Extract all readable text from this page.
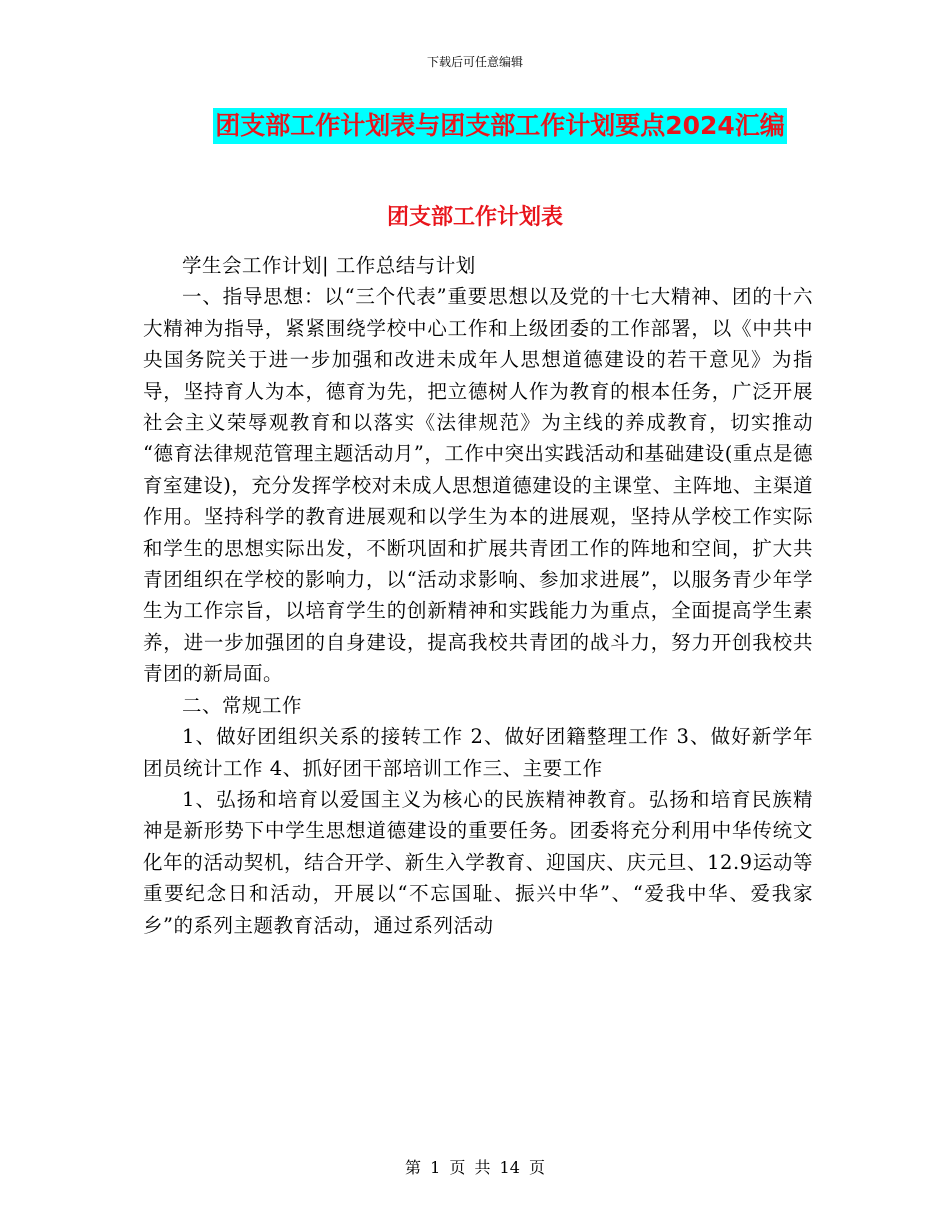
下载后可任意编辑
团支部工作计划表与团支部工作计划要点2024汇编
团支部工作计划表

学生会工作计划| 工作总结与计划

一、指导思想：以“三个代表”重要思想以及党的十七大精神、团的十六大精神为指导，紧紧围绕学校中心工作和上级团委的工作部署，以《中共中央国务院关于进一步加强和改进未成年人思想道德建设的若干意见》为指导，坚持育人为本，德育为先，把立德树人作为教育的根本任务，广泛开展社会主义荣辱观教育和以落实《法律规范》为主线的养成教育，切实推动 “德育法律规范管理主题活动月”，工作中突出实践活动和基础建设(重点是德育室建设)，充分发挥学校对未成人思想道德建设的主课堂、主阵地、主渠道作用。坚持科学的教育进展观和以学生为本的进展观，坚持从学校工作实际和学生的思想实际出发，不断巩固和扩展共青团工作的阵地和空间，扩大共青团组织在学校的影响力，以“活动求影响、参加求进展”，以服务青少年学生为工作宗旨，以培育学生的创新精神和实践能力为重点，全面提高学生素养，进一步加强团的自身建设，提高我校共青团的战斗力，努力开创我校共青团的新局面。

二、常规工作

1、做好团组织关系的接转工作 2、做好团籍整理工作 3、做好新学年团员统计工作 4、抓好团干部培训工作三、主要工作

1、弘扬和培育以爱国主义为核心的民族精神教育。弘扬和培育民族精神是新形势下中学生思想道德建设的重要任务。团委将充分利用中华传统文化年的活动契机，结合开学、新生入学教育、迎国庆、庆元旦、12.9运动等重要纪念日和活动，开展以“不忘国耻、振兴中华”、“爱我中华、爱我家乡”的系列主题教育活动，通过系列活动

第 1 页 共 14 页
